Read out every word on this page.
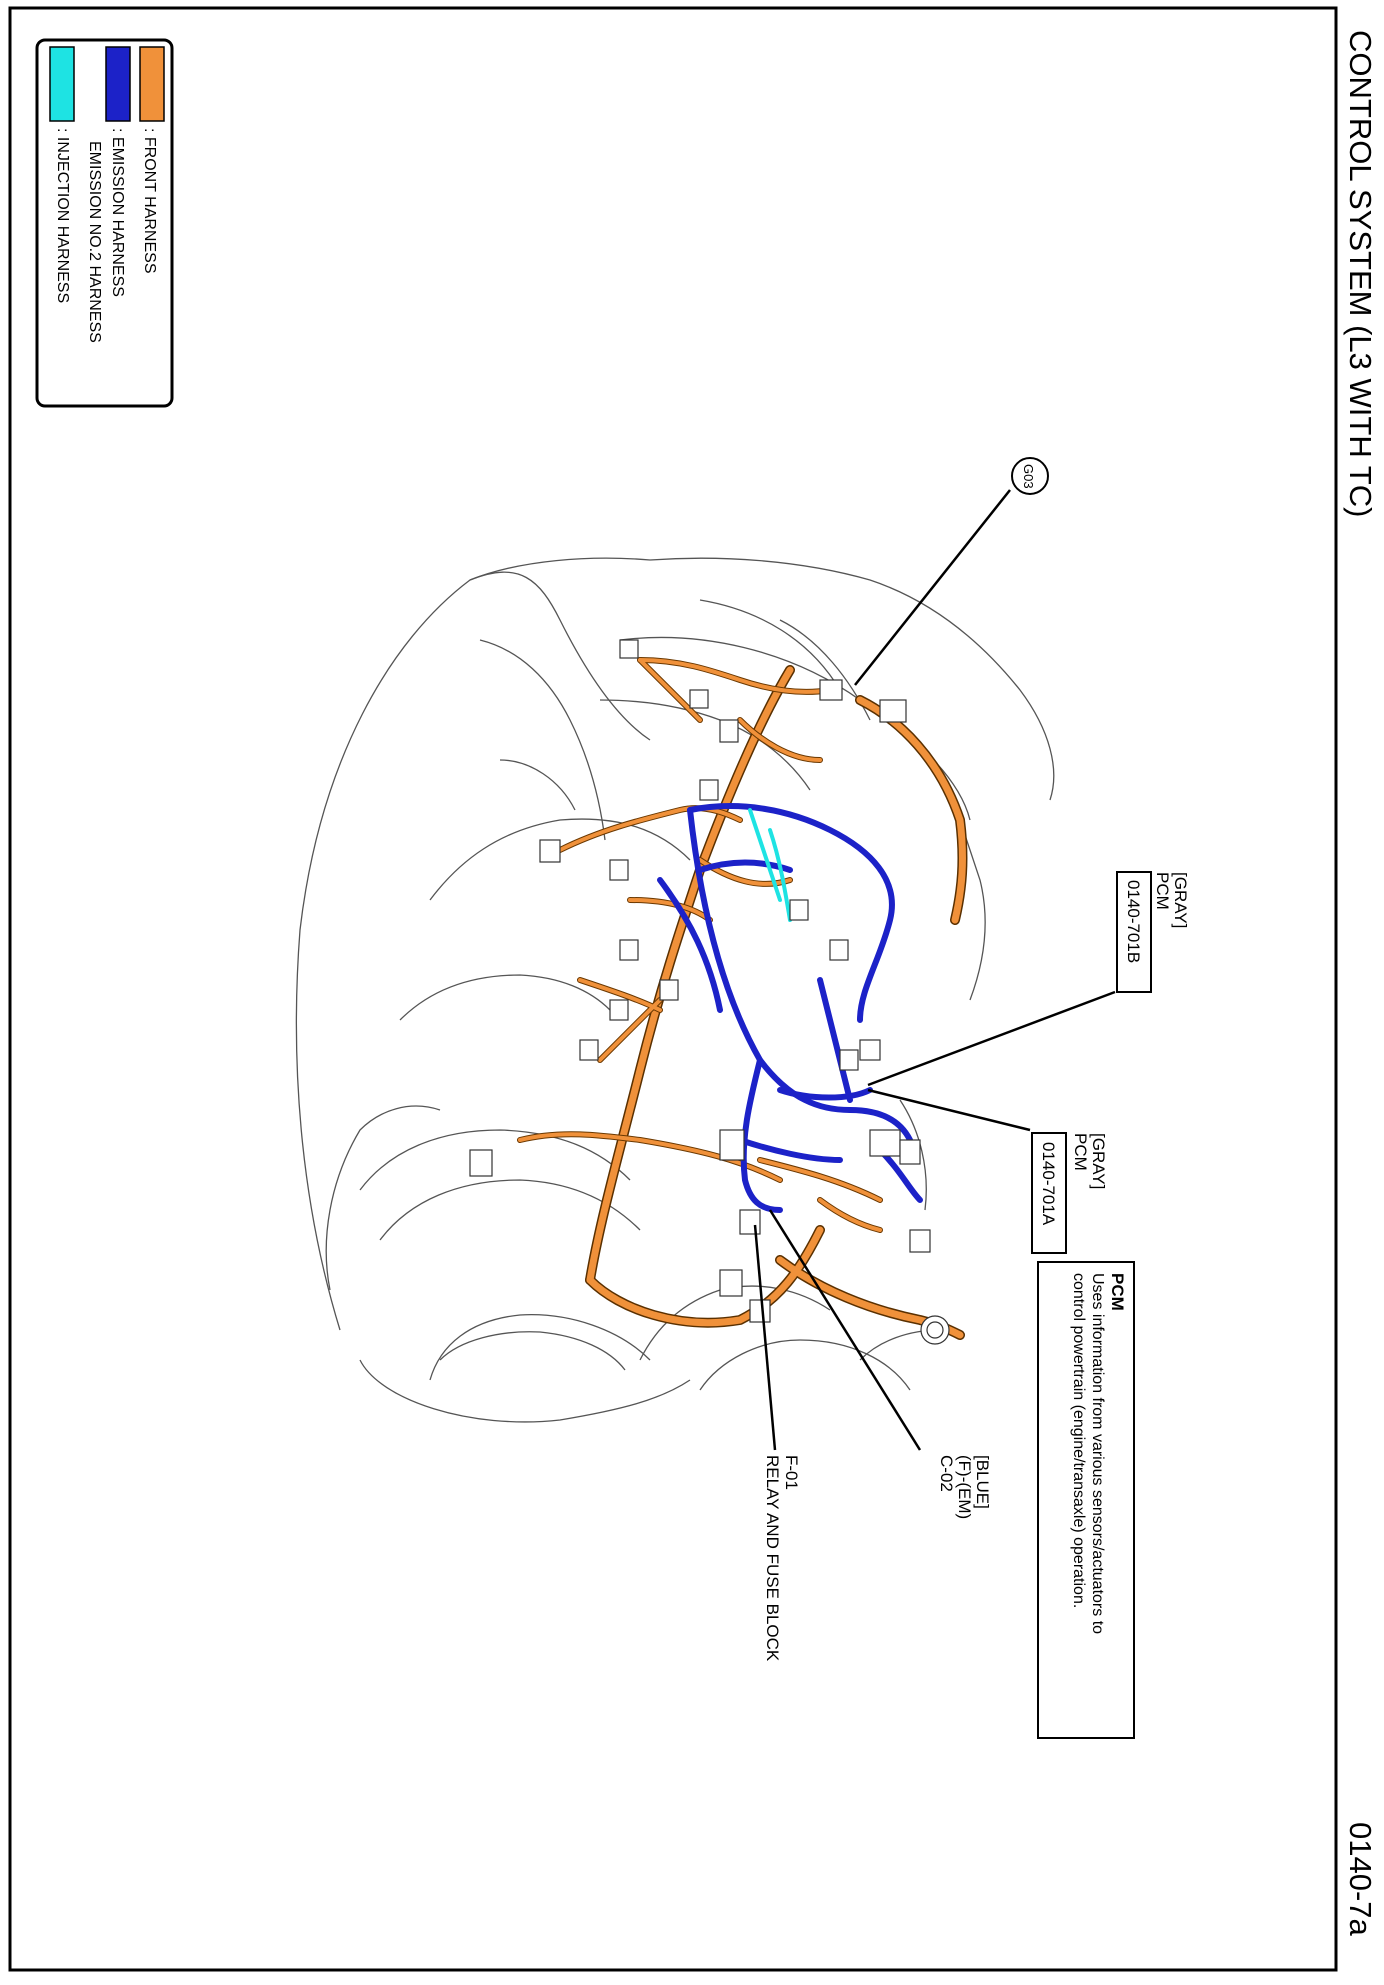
CONTROL SYSTEM (L3 WITH TC)
0140-7a
: FRONT HARNESS
: EMISSION HARNESS
EMISSION NO.2 HARNESS
: INJECTION HARNESS
G03
[GRAY]
PCM
0140-701B
[GRAY]
PCM
0140-701A
PCM
Uses information from various sensors/actuators to
control powertrain (engine/transaxle) operation.
[BLUE]
(F)-(EM)
C-02
F-01
RELAY AND FUSE BLOCK
